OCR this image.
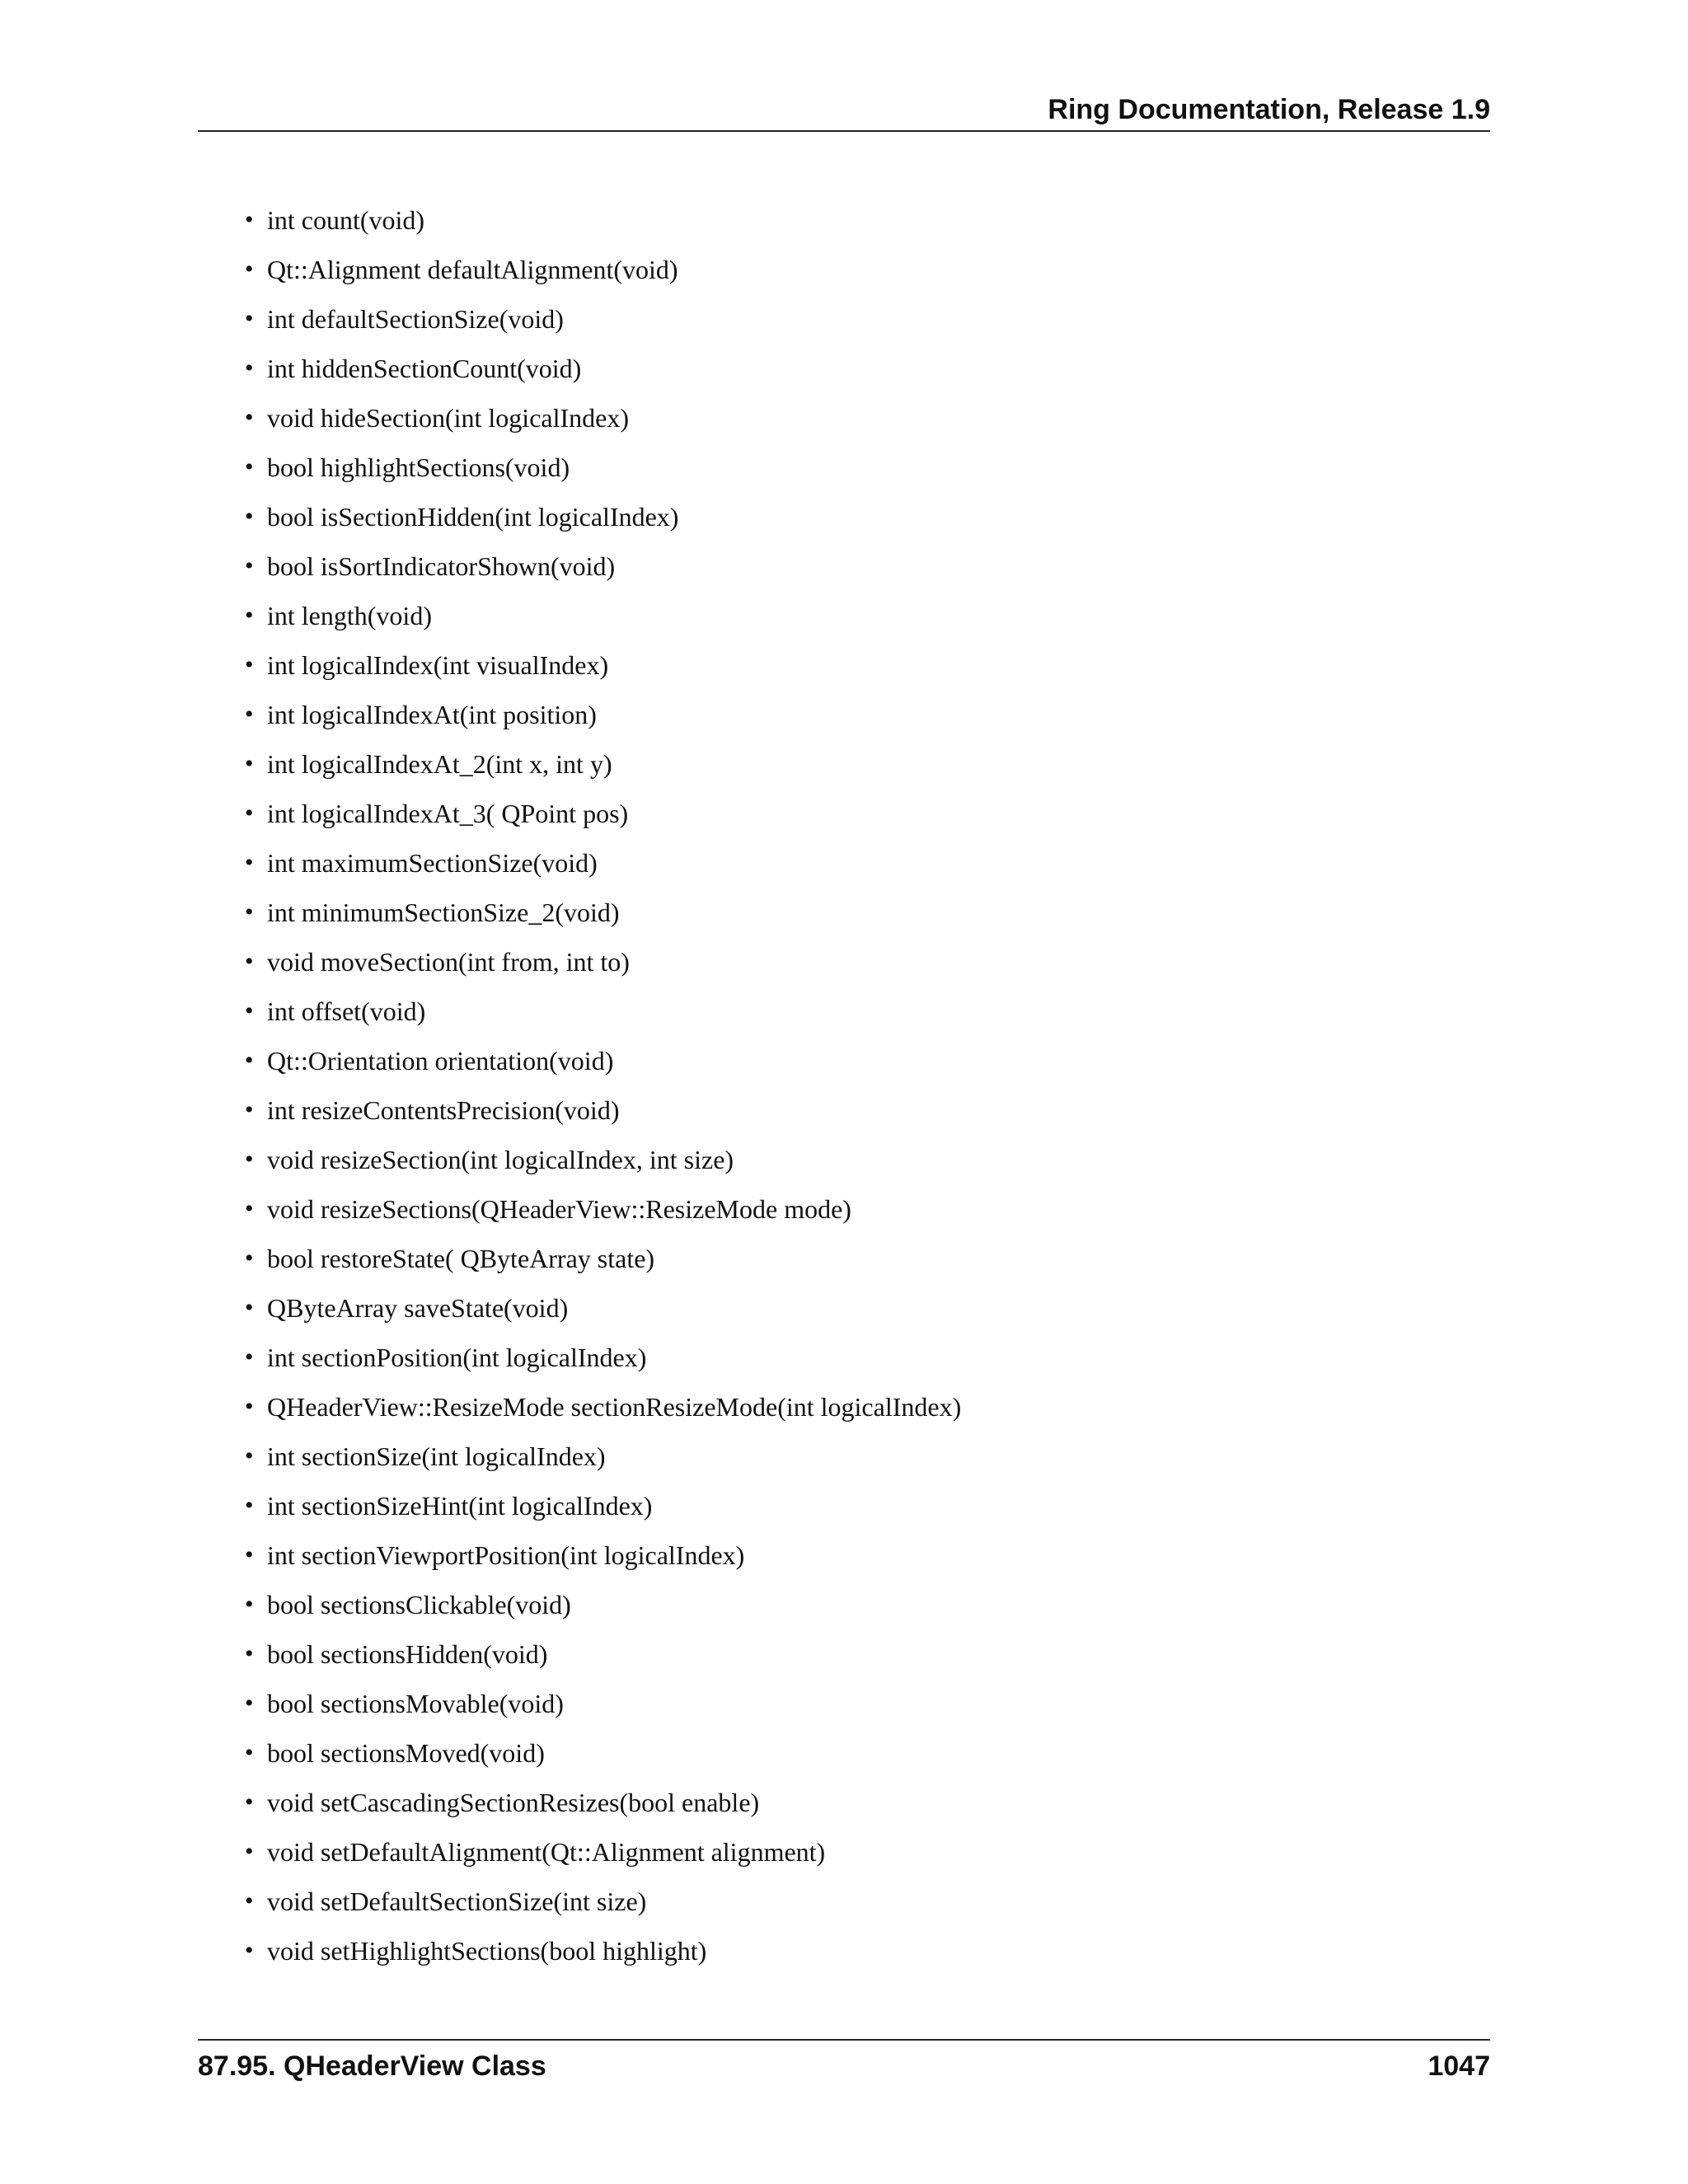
Ring Documentation, Release 1.9
• int count(void)
• Qt::Alignment defaultAlignment(void)
• int defaultSectionSize(void)
• int hiddenSectionCount(void)
• void hideSection(int logicalIndex)
• bool highlightSections(void)
• bool isSectionHidden(int logicalIndex)
• bool isSortIndicatorShown(void)
• int length(void)
• int logicalIndex(int visualIndex)
• int logicalIndexAt(int position)
• int logicalIndexAt_2(int x, int y)
• int logicalIndexAt_3( QPoint pos)
• int maximumSectionSize(void)
• int minimumSectionSize_2(void)
• void moveSection(int from, int to)
• int offset(void)
• Qt::Orientation orientation(void)
• int resizeContentsPrecision(void)
• void resizeSection(int logicalIndex, int size)
• void resizeSections(QHeaderView::ResizeMode mode)
• bool restoreState( QByteArray state)
• QByteArray saveState(void)
• int sectionPosition(int logicalIndex)
• QHeaderView::ResizeMode sectionResizeMode(int logicalIndex)
• int sectionSize(int logicalIndex)
• int sectionSizeHint(int logicalIndex)
• int sectionViewportPosition(int logicalIndex)
• bool sectionsClickable(void)
• bool sectionsHidden(void)
• bool sectionsMovable(void)
• bool sectionsMoved(void)
• void setCascadingSectionResizes(bool enable)
• void setDefaultAlignment(Qt::Alignment alignment)
• void setDefaultSectionSize(int size)
• void setHighlightSections(bool highlight)
87.95. QHeaderView Class	1047
